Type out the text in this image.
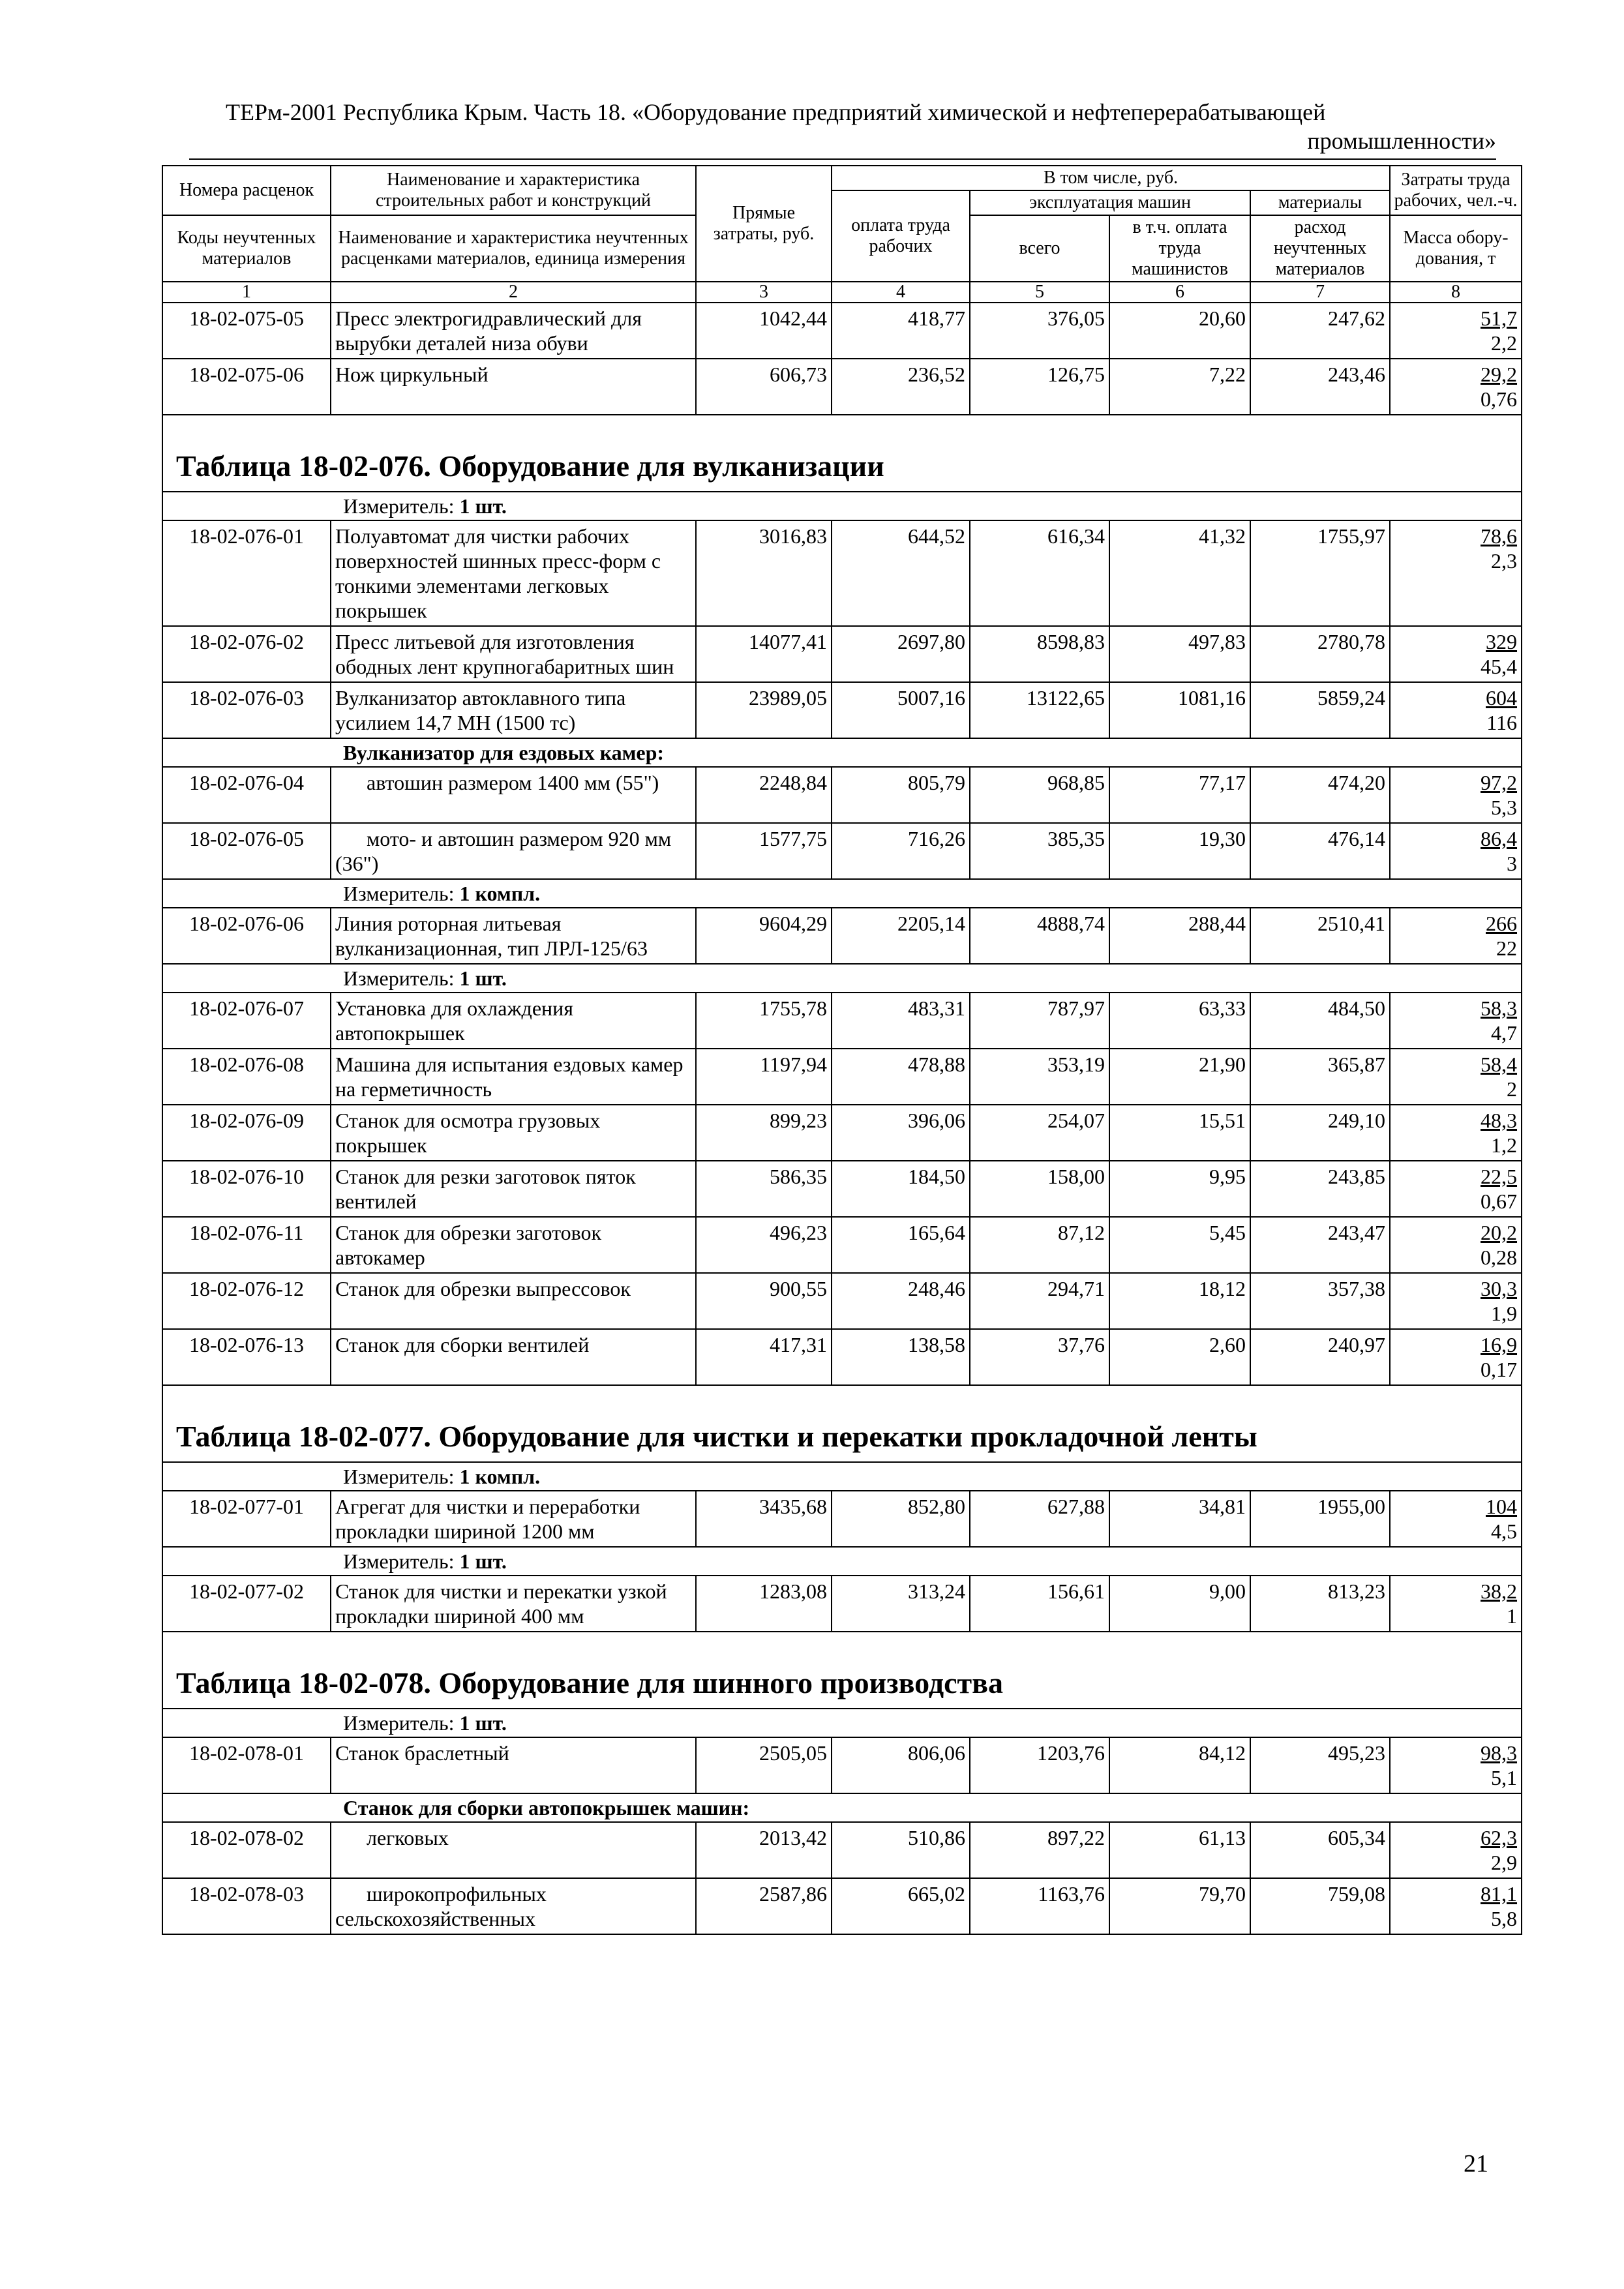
ТЕРм-2001 Республика Крым. Часть 18. «Оборудование предприятий химической и нефтеперерабатывающей
промышленности»
Номера расценок	Наименование и характеристика строительных работ и конструкций	Прямые затраты, руб.	В том числе, руб.				Затраты труда рабочих, чел.-ч.
			оплата труда рабочих	эксплуатация машин		материалы	
Коды неучтенных материалов	Наименование и характеристика неучтенных расценками материалов, единица измерения			всего	в т.ч. оплата труда машинистов	расход неучтенных материалов	
							Масса обору-дования, т
1	2	3	4	5	6	7	8
18-02-075-05	Пресс электрогидравлический для вырубки деталей низа обуви	1042,44	418,77	376,05	20,60	247,62	51,7
2,2

18-02-075-06	Нож циркульный	606,73	236,52	126,75	7,22	243,46	29,2
0,76

Таблица 18-02-076. Оборудование для вулканизации							
Измеритель: 1 шт.							
18-02-076-01	Полуавтомат для чистки рабочих поверхностей шинных пресс-форм с тонкими элементами легковых покрышек	3016,83	644,52	616,34	41,32	1755,97	78,6
2,3

18-02-076-02	Пресс литьевой для изготовления ободных лент крупногабаритных шин	14077,41	2697,80	8598,83	497,83	2780,78	329
45,4

18-02-076-03	Вулканизатор автоклавного типа усилием 14,7 МН (1500 тс)	23989,05	5007,16	13122,65	1081,16	5859,24	604
116

Вулканизатор для ездовых камер:							
18-02-076-04	автошин размером 1400 мм (55")	2248,84	805,79	968,85	77,17	474,20	97,2
5,3

18-02-076-05	мото- и автошин размером 920 мм (36")	1577,75	716,26	385,35	19,30	476,14	86,4
3

Измеритель: 1 компл.							
18-02-076-06	Линия роторная литьевая вулканизационная, тип ЛРЛ-125/63	9604,29	2205,14	4888,74	288,44	2510,41	266
22

Измеритель: 1 шт.							
18-02-076-07	Установка для охлаждения автопокрышек	1755,78	483,31	787,97	63,33	484,50	58,3
4,7

18-02-076-08	Машина для испытания ездовых камер на герметичность	1197,94	478,88	353,19	21,90	365,87	58,4
2

18-02-076-09	Станок для осмотра грузовых покрышек	899,23	396,06	254,07	15,51	249,10	48,3
1,2

18-02-076-10	Станок для резки заготовок пяток вентилей	586,35	184,50	158,00	9,95	243,85	22,5
0,67

18-02-076-11	Станок для обрезки заготовок автокамер	496,23	165,64	87,12	5,45	243,47	20,2
0,28

18-02-076-12	Станок для обрезки выпрессовок	900,55	248,46	294,71	18,12	357,38	30,3
1,9

18-02-076-13	Станок для сборки вентилей	417,31	138,58	37,76	2,60	240,97	16,9
0,17

Таблица 18-02-077. Оборудование для чистки и перекатки прокладочной ленты							
Измеритель: 1 компл.							
18-02-077-01	Агрегат для чистки и переработки прокладки шириной 1200 мм	3435,68	852,80	627,88	34,81	1955,00	104
4,5

Измеритель: 1 шт.							
18-02-077-02	Станок для чистки и перекатки узкой прокладки шириной 400 мм	1283,08	313,24	156,61	9,00	813,23	38,2
1

Таблица 18-02-078. Оборудование для шинного производства							
Измеритель: 1 шт.							
18-02-078-01	Станок браслетный	2505,05	806,06	1203,76	84,12	495,23	98,3
5,1

Станок для сборки автопокрышек машин:							
18-02-078-02	легковых	2013,42	510,86	897,22	61,13	605,34	62,3
2,9

18-02-078-03	широкопрофильных сельскохозяйственных	2587,86	665,02	1163,76	79,70	759,08	81,1
5,8
21
